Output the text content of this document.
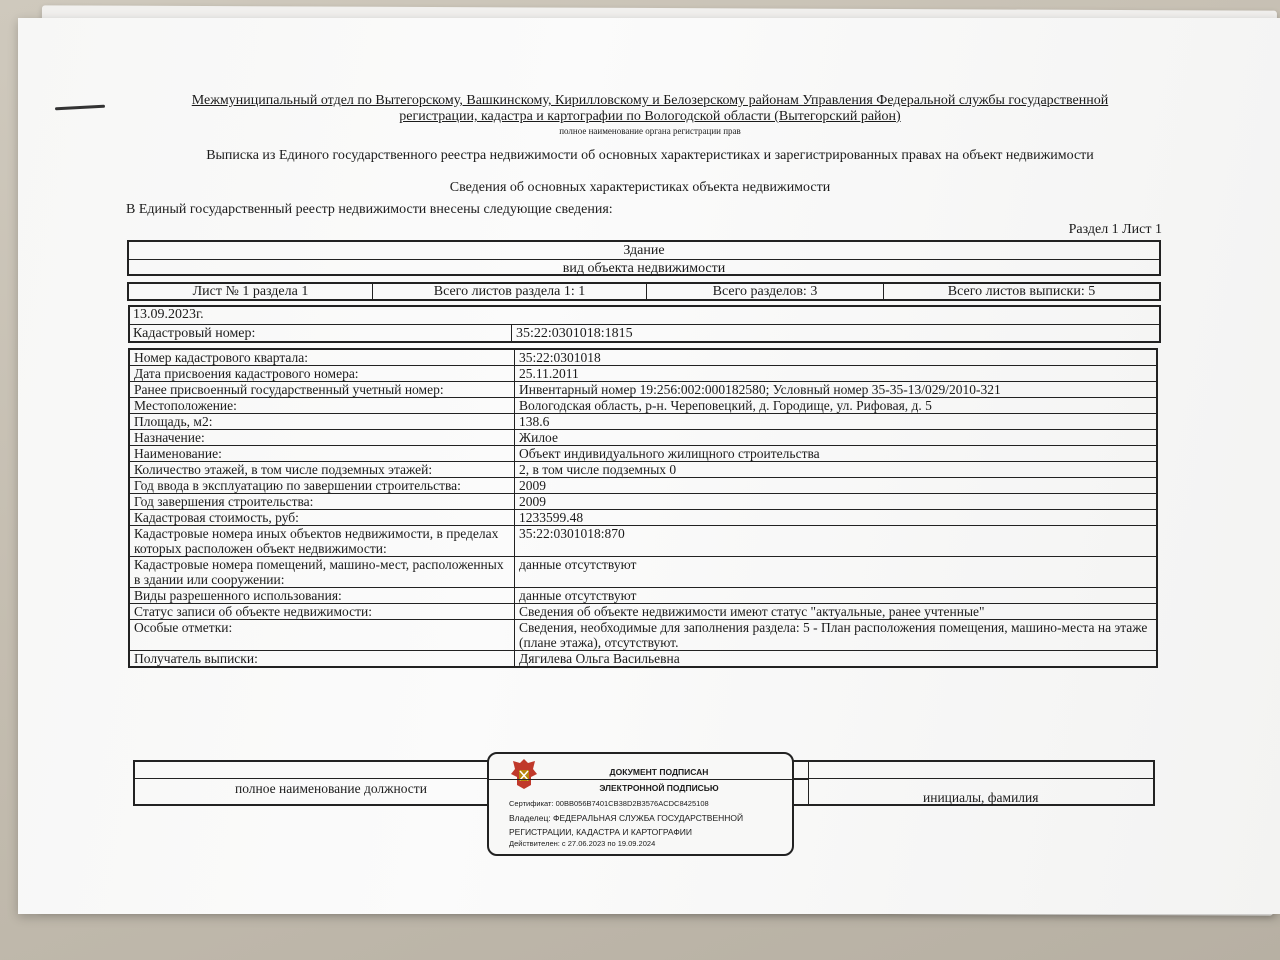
Межмуниципальный отдел по Вытегорскому, Вашкинскому, Кирилловскому и Белозерскому районам Управления Федеральной службы государственной
регистрации, кадастра и картографии по Вологодской области (Вытегорский район)
полное наименование органа регистрации прав
Выписка из Единого государственного реестра недвижимости об основных характеристиках и зарегистрированных правах на объект недвижимости
Сведения об основных характеристиках объекта недвижимости
В Единый государственный реестр недвижимости внесены следующие сведения:
Раздел 1 Лист 1
Здание
вид объекта недвижимости
Лист № 1 раздела 1	Всего листов раздела 1: 1	Всего разделов: 3	Всего листов выписки: 5
13.09.2023г.
Кадастровый номер:	35:22:0301018:1815
Номер кадастрового квартала:	35:22:0301018
Дата присвоения кадастрового номера:	25.11.2011
Ранее присвоенный государственный учетный номер:	Инвентарный номер 19:256:002:000182580; Условный номер 35-35-13/029/2010-321
Местоположение:	Вологодская область, р-н. Череповецкий, д. Городище, ул. Рифовая, д. 5
Площадь, м2:	138.6
Назначение:	Жилое
Наименование:	Объект индивидуального жилищного строительства
Количество этажей, в том числе подземных этажей:	2, в том числе подземных 0
Год ввода в эксплуатацию по завершении строительства:	2009
Год завершения строительства:	2009
Кадастровая стоимость, руб:	1233599.48
Кадастровые номера иных объектов недвижимости, в пределах которых расположен объект недвижимости:	35:22:0301018:870
Кадастровые номера помещений, машино-мест, расположенных в здании или сооружении:	данные отсутствуют
Виды разрешенного использования:	данные отсутствуют
Статус записи об объекте недвижимости:	Сведения об объекте недвижимости имеют статус "актуальные, ранее учтенные"
Особые отметки:	Сведения, необходимые для заполнения раздела: 5 - План расположения помещения, машино-места на этаже (плане этажа), отсутствуют.
Получатель выписки:	Дягилева Ольга Васильевна
полное наименование должности
инициалы, фамилия
ДОКУМЕНТ ПОДПИСАН
ЭЛЕКТРОННОЙ ПОДПИСЬЮ
Сертификат: 00BB056B7401CB38D2B3576ACDC8425108
Владелец: ФЕДЕРАЛЬНАЯ СЛУЖБА ГОСУДАРСТВЕННОЙ
РЕГИСТРАЦИИ, КАДАСТРА И КАРТОГРАФИИ
Действителен: с 27.06.2023 по 19.09.2024
